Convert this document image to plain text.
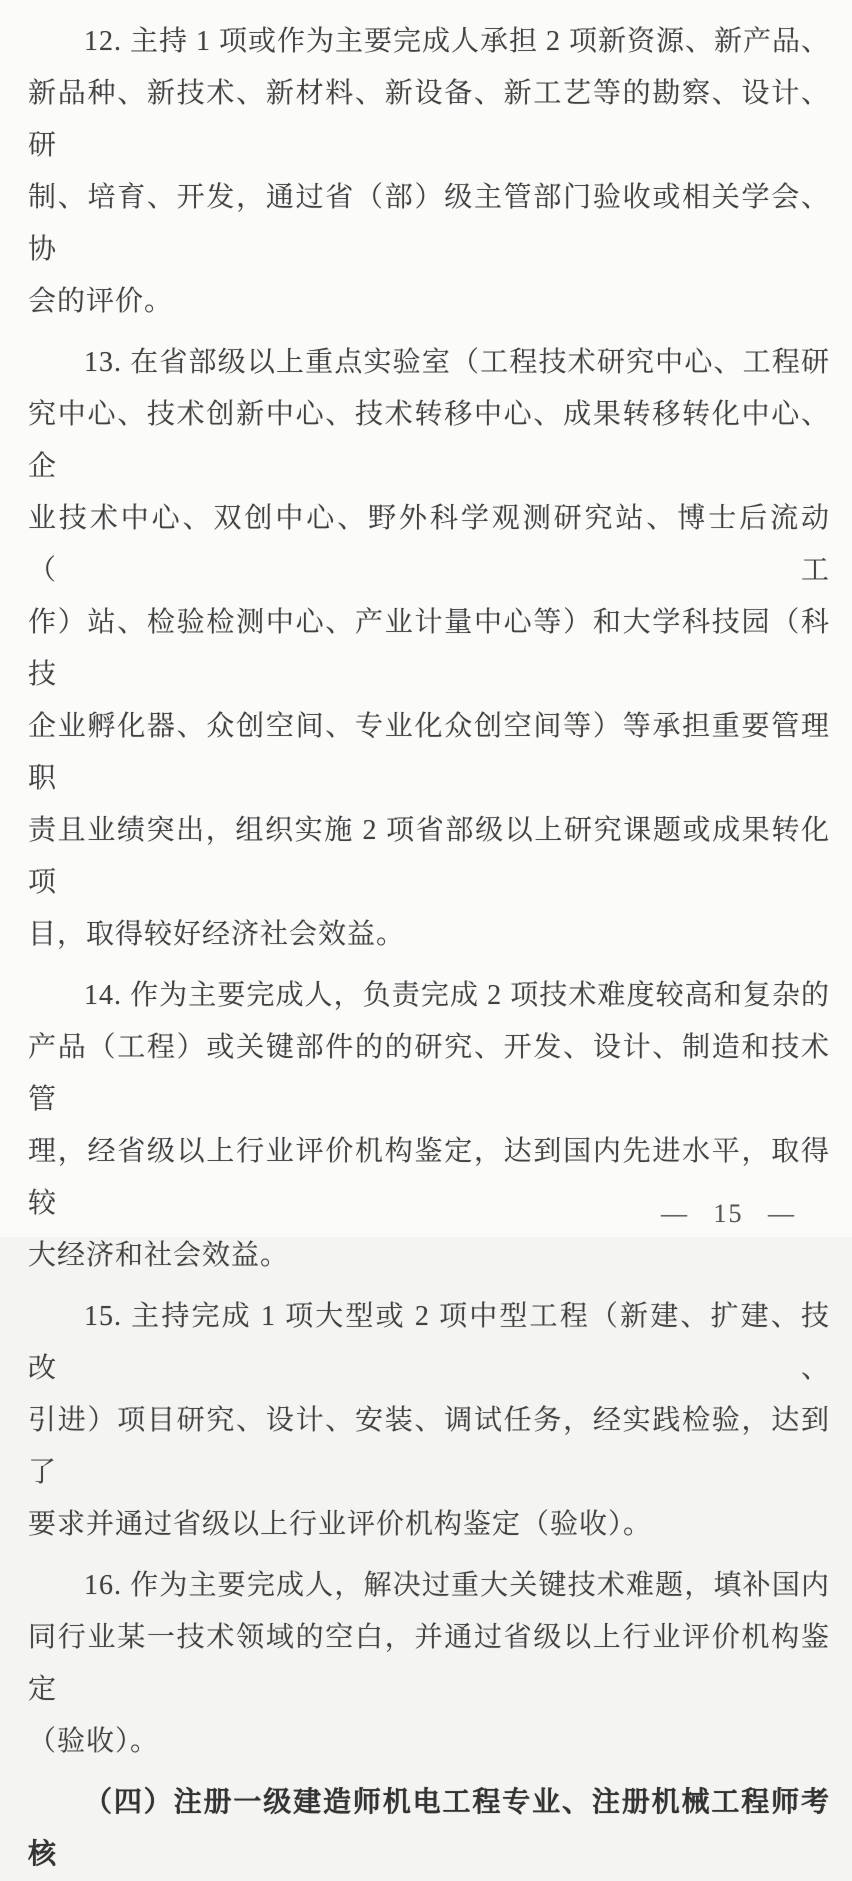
12. 主持 1 项或作为主要完成人承担 2 项新资源、新产品、
新品种、新技术、新材料、新设备、新工艺等的勘察、设计、研
制、培育、开发，通过省（部）级主管部门验收或相关学会、协
会的评价。
13. 在省部级以上重点实验室（工程技术研究中心、工程研
究中心、技术创新中心、技术转移中心、成果转移转化中心、企
业技术中心、双创中心、野外科学观测研究站、博士后流动（工
作）站、检验检测中心、产业计量中心等）和大学科技园（科技
企业孵化器、众创空间、专业化众创空间等）等承担重要管理职
责且业绩突出，组织实施 2 项省部级以上研究课题或成果转化项
目，取得较好经济社会效益。
14. 作为主要完成人，负责完成 2 项技术难度较高和复杂的
产品（工程）或关键部件的的研究、开发、设计、制造和技术管
理，经省级以上行业评价机构鉴定，达到国内先进水平，取得较
大经济和社会效益。
15. 主持完成 1 项大型或 2 项中型工程（新建、扩建、技改、
引进）项目研究、设计、安装、调试任务，经实践检验，达到了
要求并通过省级以上行业评价机构鉴定（验收）。
16. 作为主要完成人，解决过重大关键技术难题，填补国内
同行业某一技术领域的空白，并通过省级以上行业评价机构鉴定
（验收）。
（四）注册一级建造师机电工程专业、注册机械工程师考核
— 15 —
